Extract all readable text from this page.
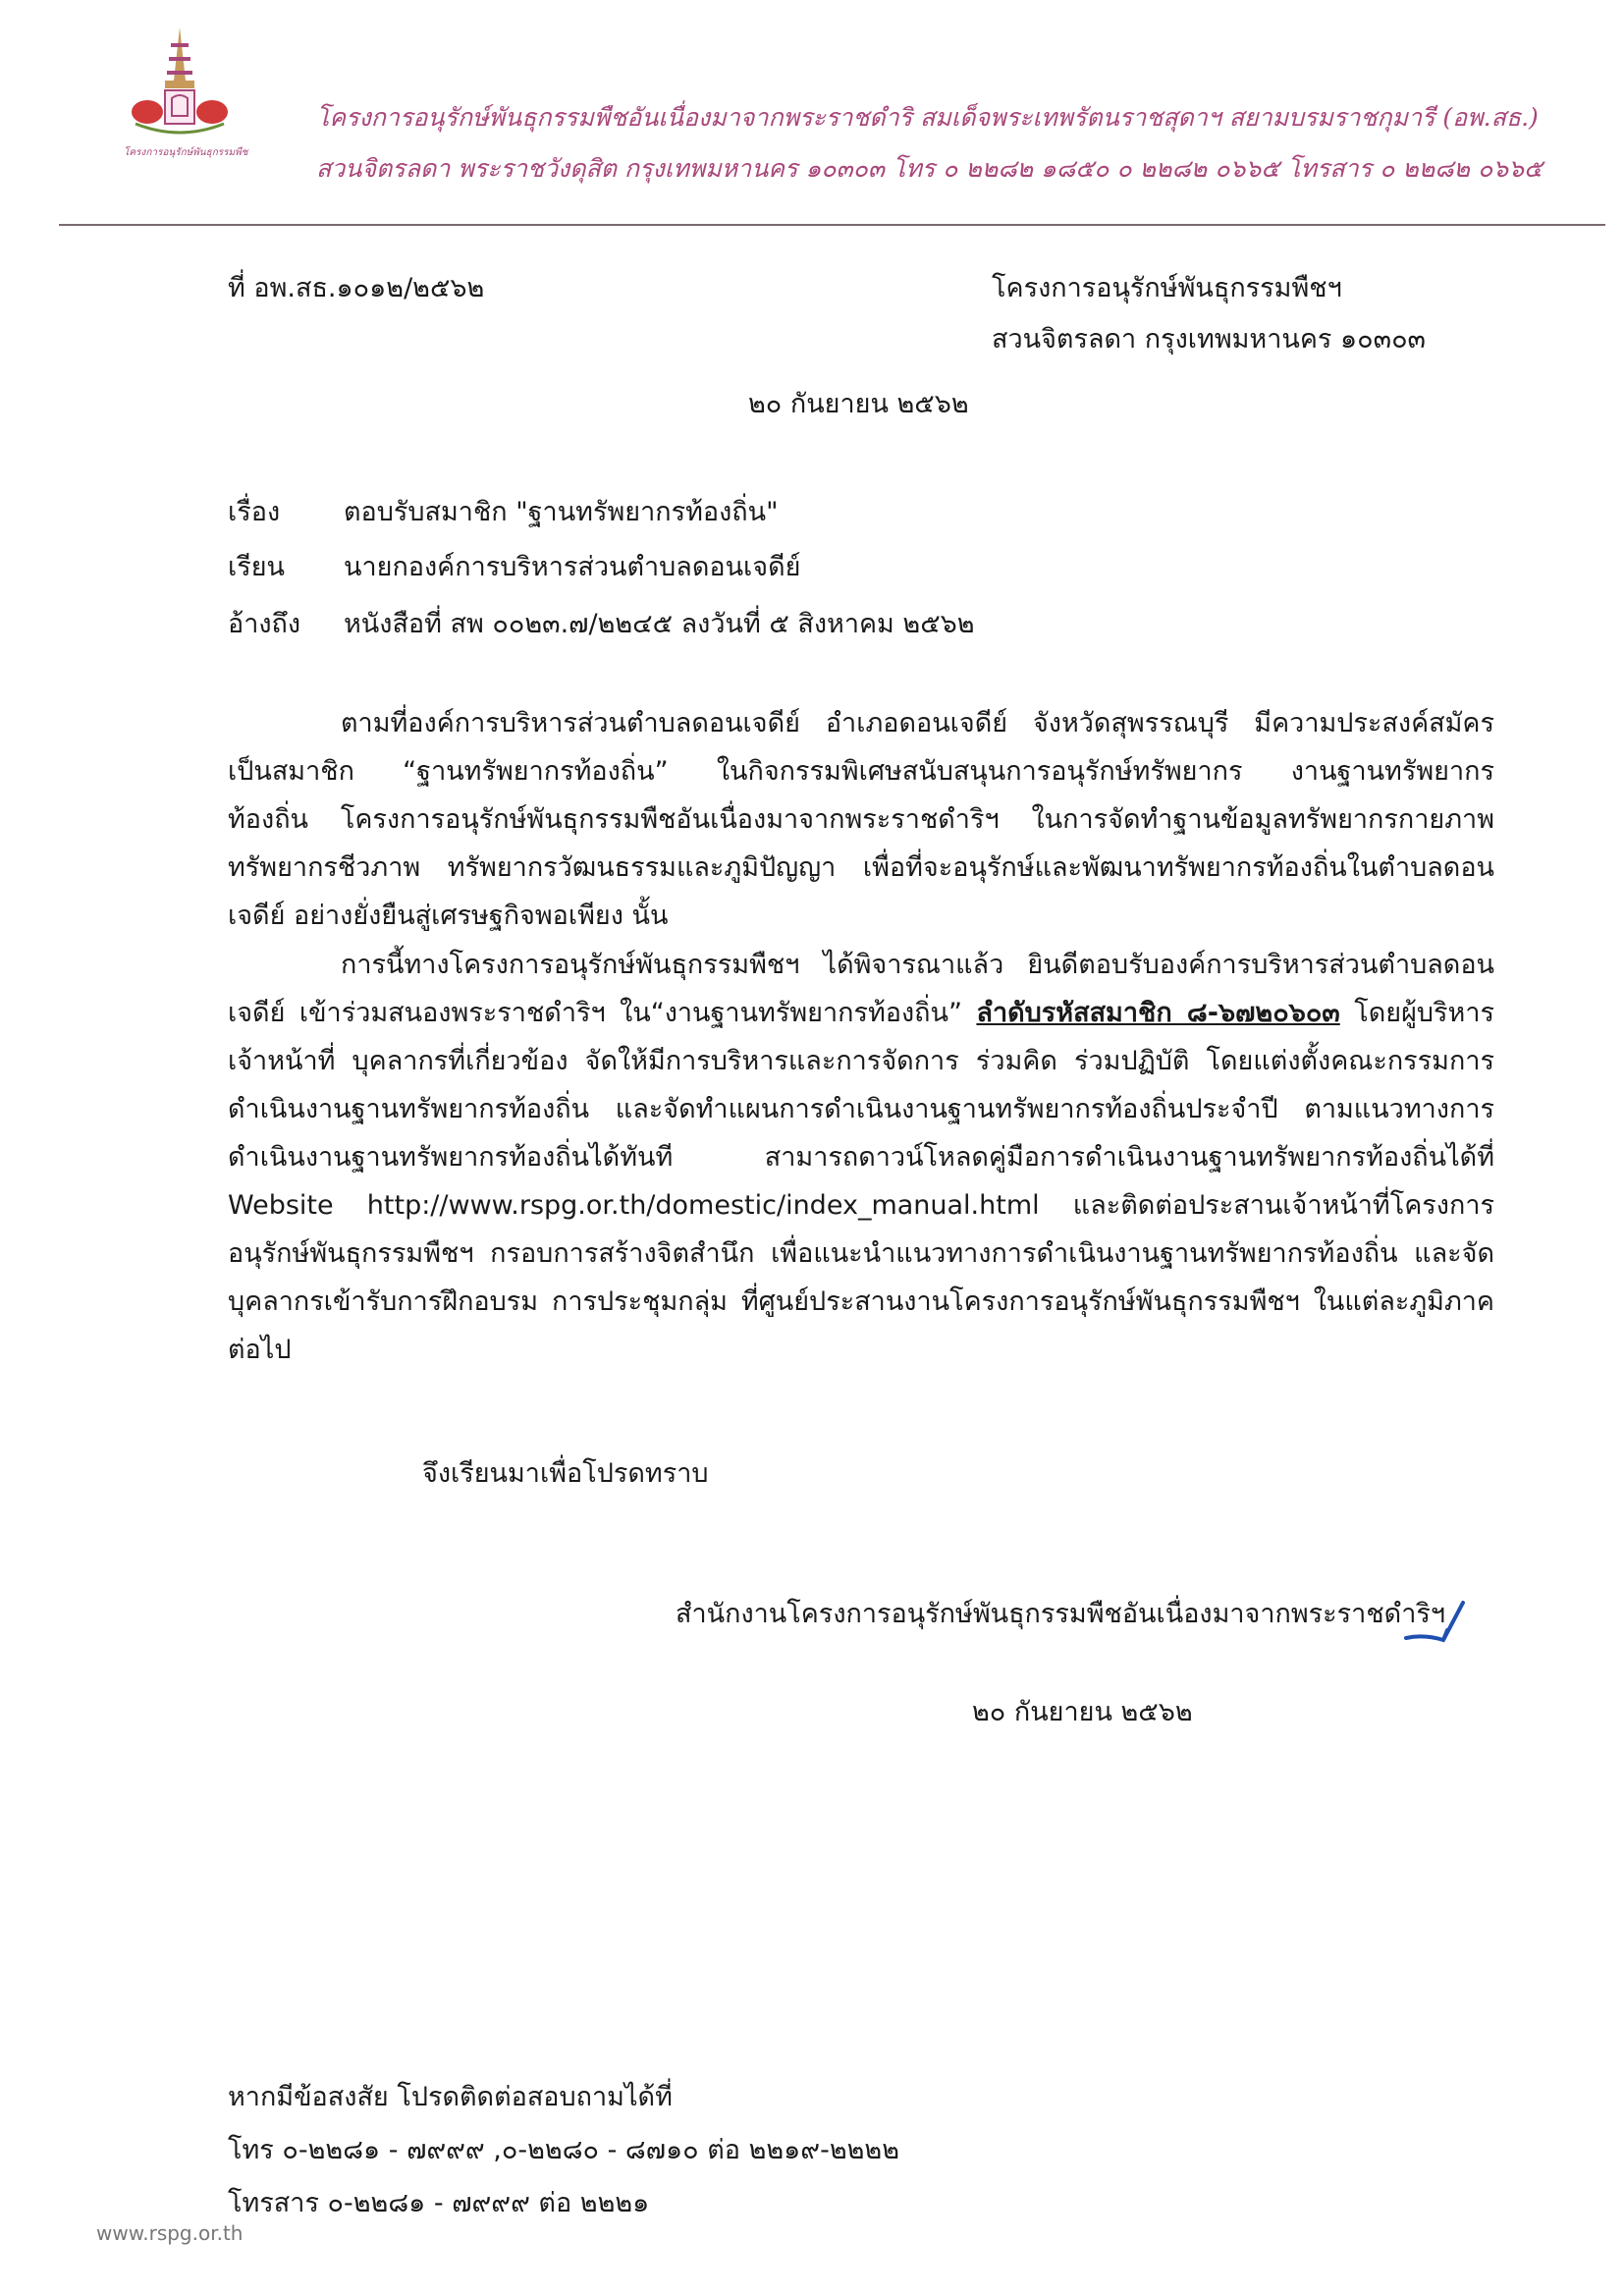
โครงการอนุรักษ์พันธุกรรมพืช
โครงการอนุรักษ์พันธุกรรมพืชอันเนื่องมาจากพระราชดำริ สมเด็จพระเทพรัตนราชสุดาฯ สยามบรมราชกุมารี (อพ.สธ.)
สวนจิตรลดา พระราชวังดุสิต กรุงเทพมหานคร ๑๐๓๐๓ โทร ๐ ๒๒๘๒ ๑๘๕๐ ๐ ๒๒๘๒ ๐๖๖๕ โทรสาร ๐ ๒๒๘๒ ๐๖๖๕
ที่ อพ.สธ.๑๐๑๒/๒๕๖๒	โครงการอนุรักษ์พันธุกรรมพืชฯ
สวนจิตรลดา กรุงเทพมหานคร ๑๐๓๐๓
๒๐ กันยายน ๒๕๖๒
เรื่อง ตอบรับสมาชิก "ฐานทรัพยากรท้องถิ่น"
เรียน นายกองค์การบริหารส่วนตำบลดอนเจดีย์
อ้างถึง หนังสือที่ สพ ๐๐๒๓.๗/๒๒๔๕ ลงวันที่ ๕ สิงหาคม ๒๕๖๒
ตามที่องค์การบริหารส่วนตำบลดอนเจดีย์ อำเภอดอนเจดีย์ จังหวัดสุพรรณบุรี มีความประสงค์สมัคร
เป็นสมาชิก “ฐานทรัพยากรท้องถิ่น” ในกิจกรรมพิเศษสนับสนุนการอนุรักษ์ทรัพยากร งานฐานทรัพยากร
ท้องถิ่น โครงการอนุรักษ์พันธุกรรมพืชอันเนื่องมาจากพระราชดำริฯ ในการจัดทำฐานข้อมูลทรัพยากรกายภาพ
ทรัพยากรชีวภาพ ทรัพยากรวัฒนธรรมและภูมิปัญญา เพื่อที่จะอนุรักษ์และพัฒนาทรัพยากรท้องถิ่นในตำบลดอน
เจดีย์ อย่างยั่งยืนสู่เศรษฐกิจพอเพียง นั้น
การนี้ทางโครงการอนุรักษ์พันธุกรรมพืชฯ ได้พิจารณาแล้ว ยินดีตอบรับองค์การบริหารส่วนตำบลดอน
เจดีย์ เข้าร่วมสนองพระราชดำริฯ ใน“งานฐานทรัพยากรท้องถิ่น” ลำดับรหัสสมาชิก ๘-๖๗๒๐๖๐๓ โดยผู้บริหาร
เจ้าหน้าที่ บุคลากรที่เกี่ยวข้อง จัดให้มีการบริหารและการจัดการ ร่วมคิด ร่วมปฏิบัติ โดยแต่งตั้งคณะกรรมการ
ดำเนินงานฐานทรัพยากรท้องถิ่น และจัดทำแผนการดำเนินงานฐานทรัพยากรท้องถิ่นประจำปี ตามแนวทางการ
ดำเนินงานฐานทรัพยากรท้องถิ่นได้ทันที สามารถดาวน์โหลดคู่มือการดำเนินงานฐานทรัพยากรท้องถิ่นได้ที่
Website http://www.rspg.or.th/domestic/index_manual.html และติดต่อประสานเจ้าหน้าที่โครงการ
อนุรักษ์พันธุกรรมพืชฯ กรอบการสร้างจิตสำนึก เพื่อแนะนำแนวทางการดำเนินงานฐานทรัพยากรท้องถิ่น และจัด
บุคลากรเข้ารับการฝึกอบรม การประชุมกลุ่ม ที่ศูนย์ประสานงานโครงการอนุรักษ์พันธุกรรมพืชฯ ในแต่ละภูมิภาค
ต่อไป
จึงเรียนมาเพื่อโปรดทราบ
สำนักงานโครงการอนุรักษ์พันธุกรรมพืชอันเนื่องมาจากพระราชดำริฯ
๒๐ กันยายน ๒๕๖๒
หากมีข้อสงสัย โปรดติดต่อสอบถามได้ที่
โทร ๐-๒๒๘๑ - ๗๙๙๙ ,๐-๒๒๘๐ - ๘๗๑๐ ต่อ ๒๒๑๙-๒๒๒๒
โทรสาร ๐-๒๒๘๑ - ๗๙๙๙ ต่อ ๒๒๒๑
www.rspg.or.th
